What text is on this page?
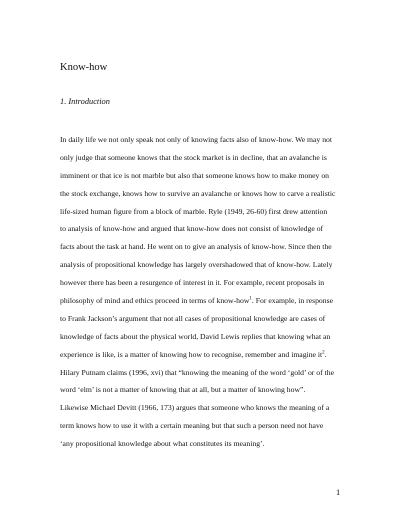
Know-how
1. Introduction
In daily life we not only speak not only of knowing facts also of know-how. We may not
only judge that someone knows that the stock market is in decline, that an avalanche is
imminent or that ice is not marble but also that someone knows how to make money on
the stock exchange, knows how to survive an avalanche or knows how to carve a realistic
life-sized human figure from a block of marble. Ryle (1949, 26-60) first drew attention
to analysis of know-how and argued that know-how does not consist of knowledge of
facts about the task at hand. He went on to give an analysis of know-how. Since then the
analysis of propositional knowledge has largely overshadowed that of know-how. Lately
however there has been a resurgence of interest in it. For example, recent proposals in
philosophy of mind and ethics proceed in terms of know-how$^1$. For example, in response
to Frank Jackson’s argument that not all cases of propositional knowledge are cases of
knowledge of facts about the physical world, David Lewis replies that knowing what an
experience is like, is a matter of knowing how to recognise, remember and imagine $it^2$.
Hilary Putnam claims (1996, xvi) that “knowing the meaning of the word ‘gold’ or of the
word ‘elm’ is not a matter of knowing that at all, but a matter of knowing how”.
Likewise Michael Devitt (1966, 173) argues that someone who knows the meaning of a
term knows how to use it with a certain meaning but that such a person need not have
‘any propositional knowledge about what constitutes its meaning’.
1
